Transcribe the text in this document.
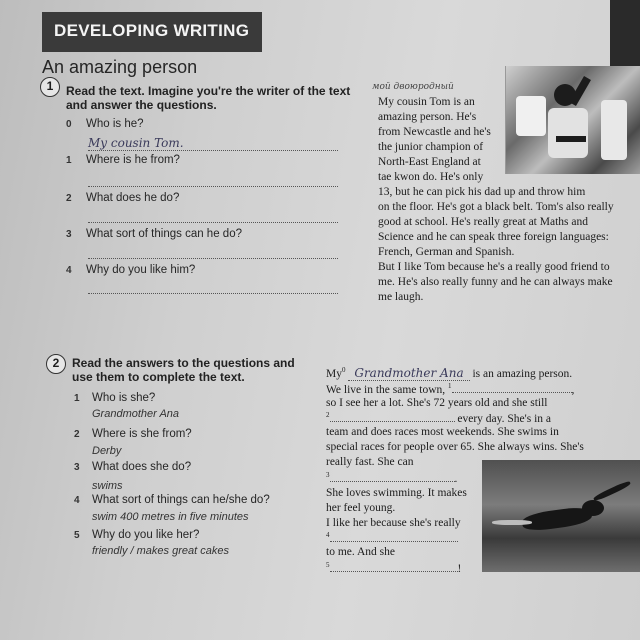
DEVELOPING WRITING
An amazing person
1	Read the text. Imagine you're the writer of the text
and answer the questions.
0 Who is he?
My cousin Tom.
1 Where is he from?
2 What does he do?
3 What sort of things can he do?
4 Why do you like him?
мой двоюродный
My cousin Tom is an
amazing person. He's
from Newcastle and he's
the junior champion of
North-East England at
tae kwon do. He's only
13, but he can pick his dad up and throw him
on the floor. He's got a black belt. Tom's also really
good at school. He's really great at Maths and
Science and he can speak three foreign languages:
French, German and Spanish.
But I like Tom because he's a really good friend to
me. He's also really funny and he can always make
me laugh.
2	Read the answers to the questions and
use them to complete the text.
1 Who is she?
Grandmother Ana
2 Where is she from?
Derby
3 What does she do?
swims
4 What sort of things can he/she do?
swim 400 metres in five minutes
5 Why do you like her?
friendly / makes great cakes
My$^0$ Grandmother Ana is an amazing person.
We live in the same town, $^1$	,
so I see her a lot. She's 72 years old and she still
$^2$	every day. She's in a
team and does races most weekends. She swims in
special races for people over 65. She always wins. She's
really fast. She can
$^3$	.
She loves swimming. It makes
her feel young.
I like her because she's really
$^4$
to me. And she
$^5$	!
